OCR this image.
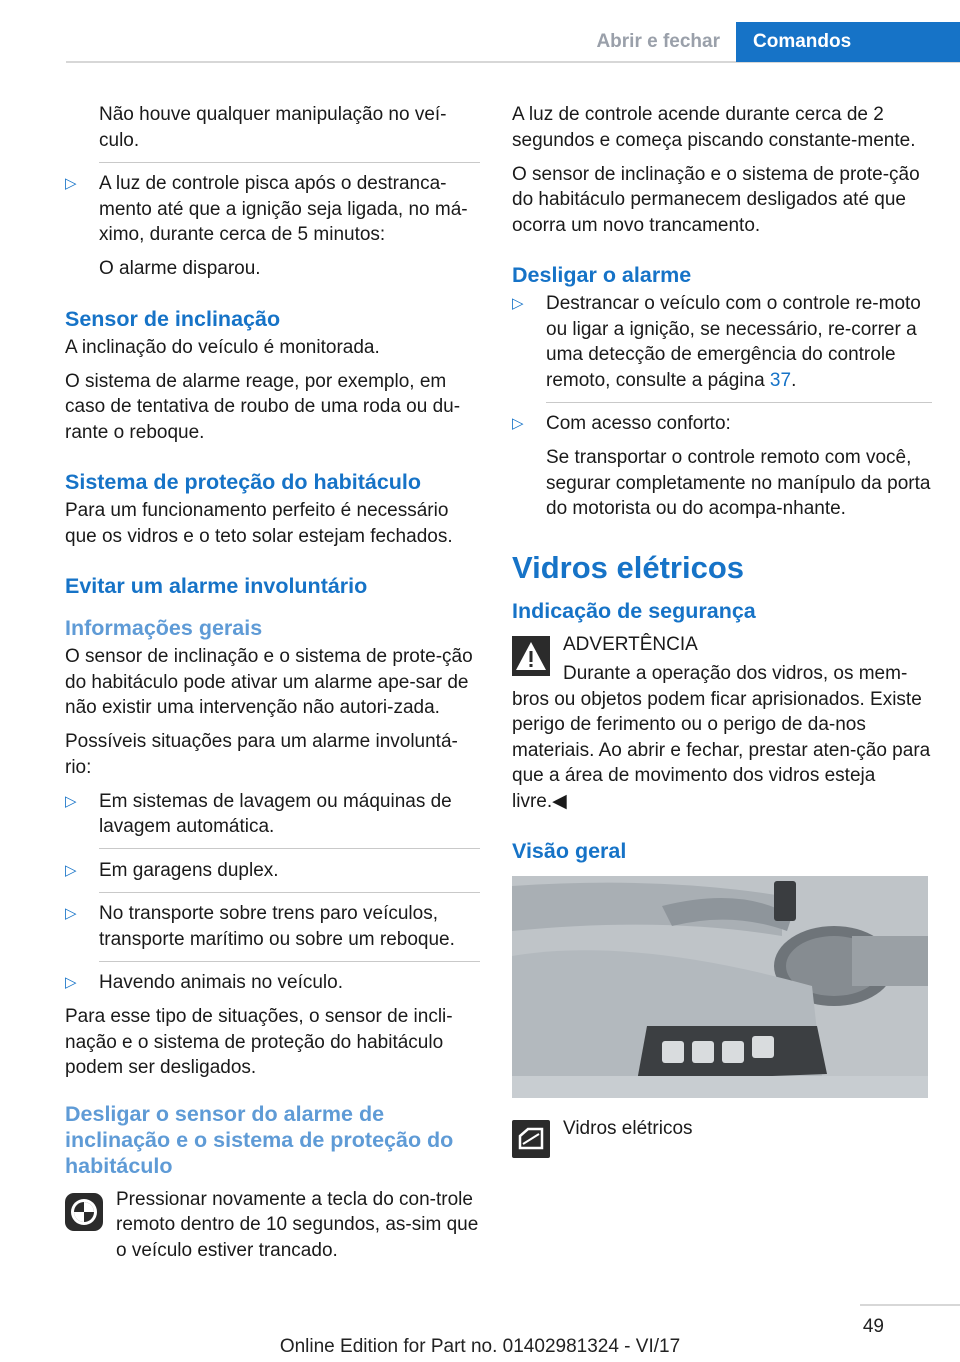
Abrir e fechar	Comandos

Não houve qualquer manipulação no veí‐culo.

▷ A luz de controle pisca após o destranca‐mento até que a ignição seja ligada, no má‐ximo, durante cerca de 5 minutos:

O alarme disparou.

Sensor de inclinação

A inclinação do veículo é monitorada.

O sistema de alarme reage, por exemplo, em caso de tentativa de roubo de uma roda ou du‐rante o reboque.

Sistema de proteção do habitáculo

Para um funcionamento perfeito é necessário que os vidros e o teto solar estejam fechados.

Evitar um alarme involuntário
Informações gerais

O sensor de inclinação e o sistema de prote‐ção do habitáculo pode ativar um alarme ape‐sar de não existir uma intervenção não autori‐zada.

Possíveis situações para um alarme involuntá‐rio:

▷ Em sistemas de lavagem ou máquinas de lavagem automática.
▷ Em garagens duplex.
▷ No transporte sobre trens paro veículos, transporte marítimo ou sobre um reboque.
▷ Havendo animais no veículo.

Para esse tipo de situações, o sensor de incli‐nação e o sistema de proteção do habitáculo podem ser desligados.

Desligar o sensor do alarme de inclinação e o sistema de proteção do habitáculo
Pressionar novamente a tecla do con‐trole remoto dentro de 10 segundos, as‐sim que o veículo estiver trancado.

A luz de controle acende durante cerca de 2 segundos e começa piscando constante‐mente.

O sensor de inclinação e o sistema de prote‐ção do habitáculo permanecem desligados até que ocorra um novo trancamento.

Desligar o alarme
▷ Destrancar o veículo com o controle re‐moto ou ligar a ignição, se necessário, re‐correr a uma detecção de emergência do controle remoto, consulte a página 37.
▷ Com acesso conforto:

Se transportar o controle remoto com você, segurar completamente no manípulo da porta do motorista ou do acompa‐nhante.

Vidros elétricos
Indicação de segurança
ADVERTÊNCIA

Durante a operação dos vidros, os mem‐bros ou objetos podem ficar aprisionados. Existe perigo de ferimento ou o perigo de da‐nos materiais. Ao abrir e fechar, prestar aten‐ção para que a área de movimento dos vidros esteja livre.◀

Visão geral
Vidros elétricos
49
Online Edition for Part no. 01402981324 - VI/17
